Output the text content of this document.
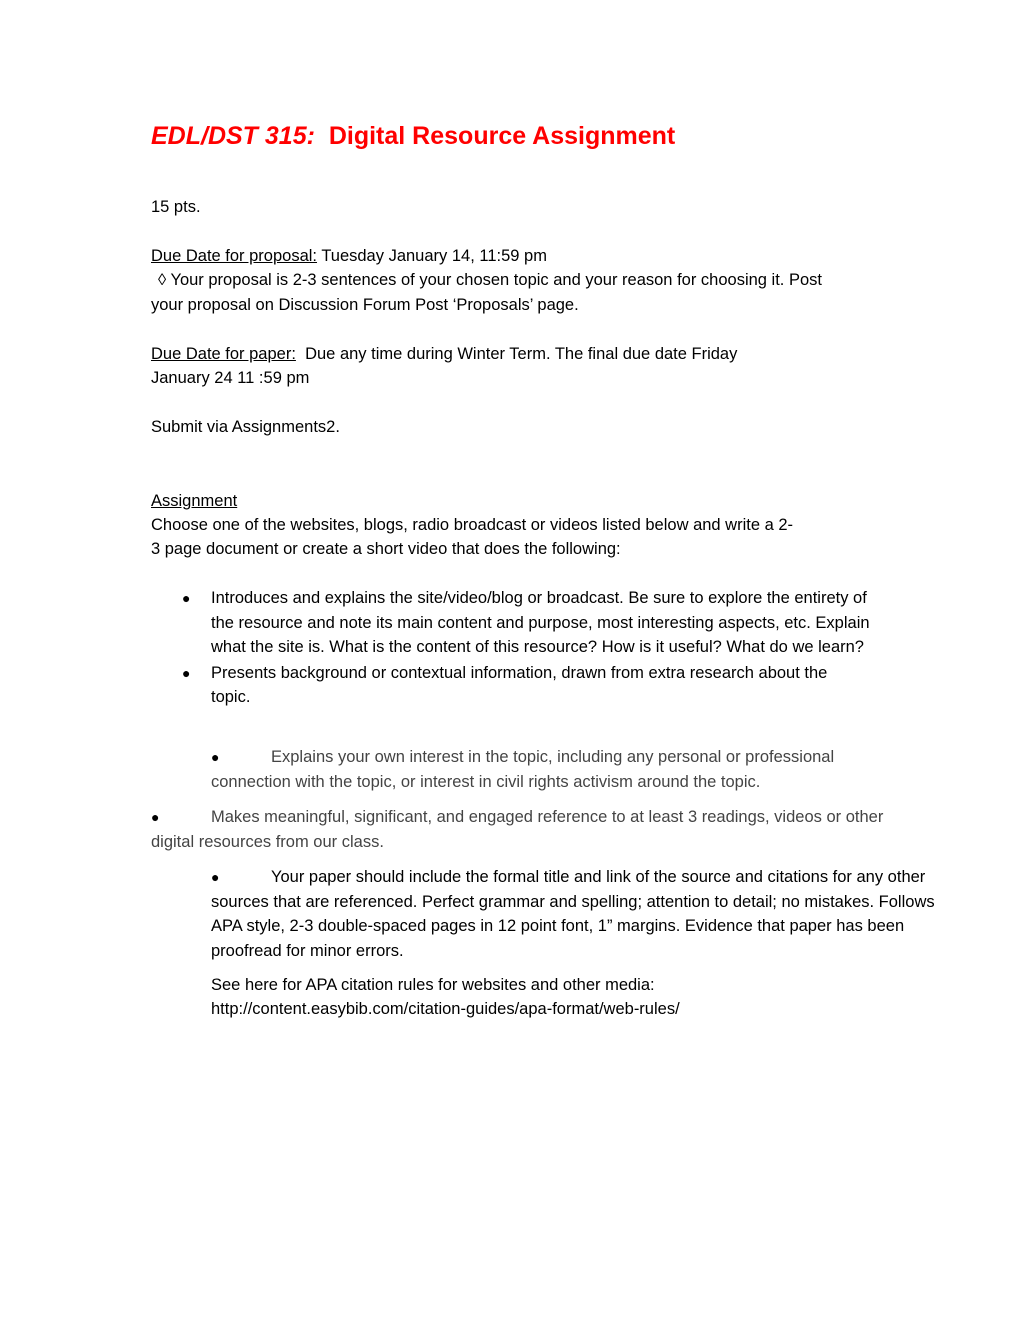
EDL/DST 315: Digital Resource Assignment
15 pts.
Due Date for proposal: Tuesday January 14, 11:59 pm
◊ Your proposal is 2-3 sentences of your chosen topic and your reason for choosing it. Post
your proposal on Discussion Forum Post ‘Proposals’ page.
Due Date for paper: Due any time during Winter Term. The final due date Friday
January 24 11 :59 pm
Submit via Assignments2.
Assignment
Choose one of the websites, blogs, radio broadcast or videos listed below and write a 2-
3 page document or create a short video that does the following:
● Introduces and explains the site/video/blog or broadcast. Be sure to explore the entirety of the resource and note its main content and purpose, most interesting aspects, etc. Explain what the site is. What is the content of this resource? How is it useful? What do we learn?
● Presents background or contextual information, drawn from extra research about the topic.
●	Explains your own interest in the topic, including any personal or professional connection with the topic, or interest in civil rights activism around the topic.
●	Makes meaningful, significant, and engaged reference to at least 3 readings, videos or other digital resources from our class.
●	Your paper should include the formal title and link of the source and citations for any other sources that are referenced. Perfect grammar and spelling; attention to detail; no mistakes. Follows APA style, 2-3 double-spaced pages in 12 point font, 1” margins. Evidence that paper has been proofread for minor errors.
See here for APA citation rules for websites and other media:
http://content.easybib.com/citation-guides/apa-format/web-rules/
